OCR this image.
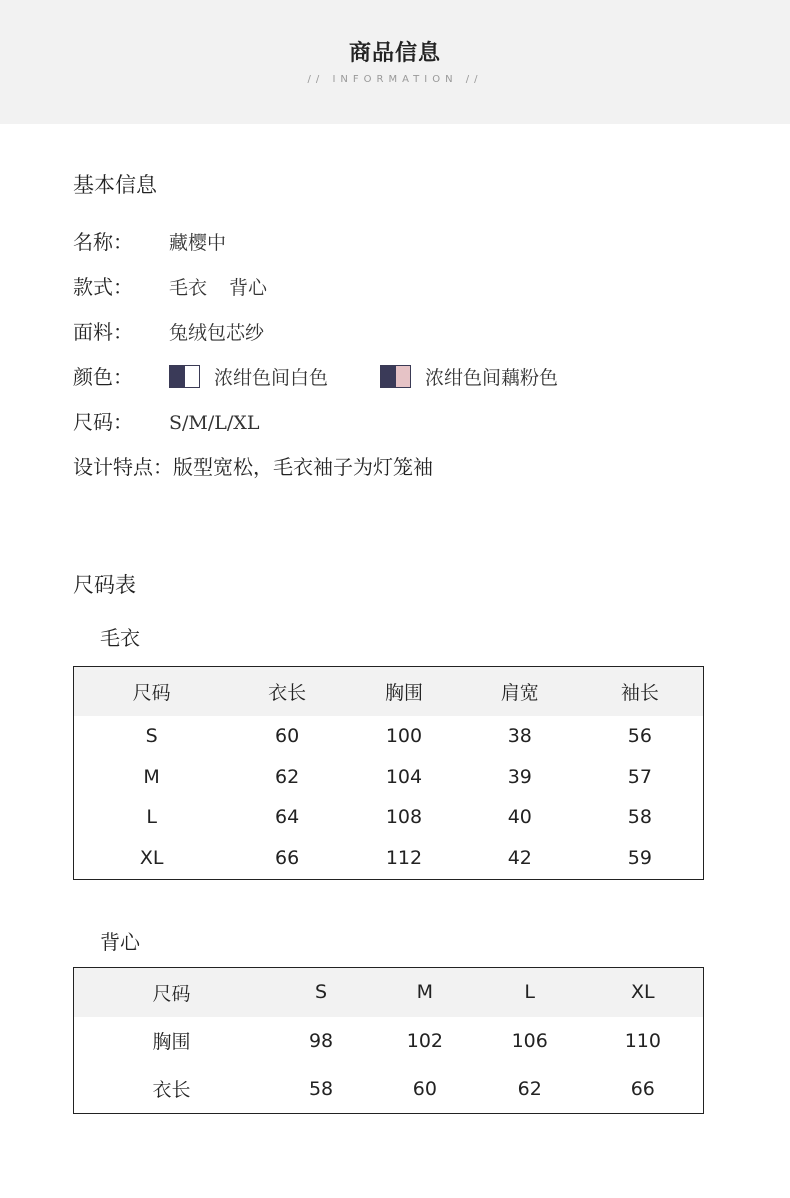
商品信息
// INFORMATION //
基本信息
名称： 藏樱中
款式： 毛衣 背心
面料： 兔绒包芯纱
颜色：	浓绀色间白色	浓绀色间藕粉色
尺码： S/M/L/XL
设计特点：版型宽松，毛衣袖子为灯笼袖
尺码表
毛衣
尺码	衣长	胸围	肩宽	袖长
S	60	100	38	56
M	62	104	39	57
L	64	108	40	58
XL	66	112	42	59
背心
尺码	S	M	L	XL
胸围	98	102	106	110
衣长	58	60	62	66
